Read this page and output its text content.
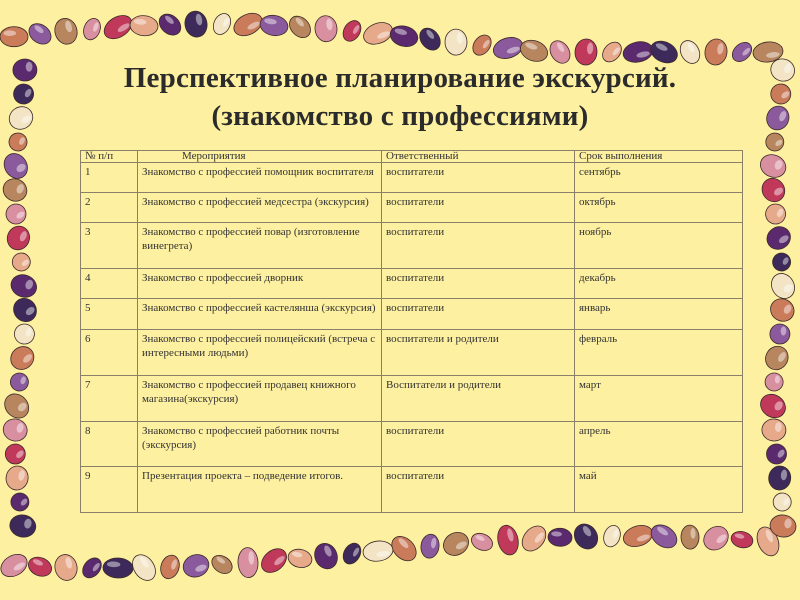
Перспективное планирование экскурсий.
(знакомство с профессиями)
№ п/п	Мероприятия	Ответственный	Срок выполнения
1	Знакомство с профессией помощник воспитателя	воспитатели	сентябрь
2	Знакомство с профессией медсестра (экскурсия)	воспитатели	октябрь
3	Знакомство с профессией повар (изготовление винегрета)	воспитатели	ноябрь
4	Знакомство с профессией дворник	воспитатели	декабрь
5	Знакомство с профессией кастелянша (экскурсия)	воспитатели	январь
6	Знакомство с профессией полицейский (встреча с интересными людьми)	воспитатели и родители	февраль
7	Знакомство с профессией продавец книжного магазина(экскурсия)	Воспитатели и родители	март
8	Знакомство с профессией работник почты (экскурсия)	воспитатели	апрель
9	Презентация проекта – подведение итогов.	воспитатели	май
